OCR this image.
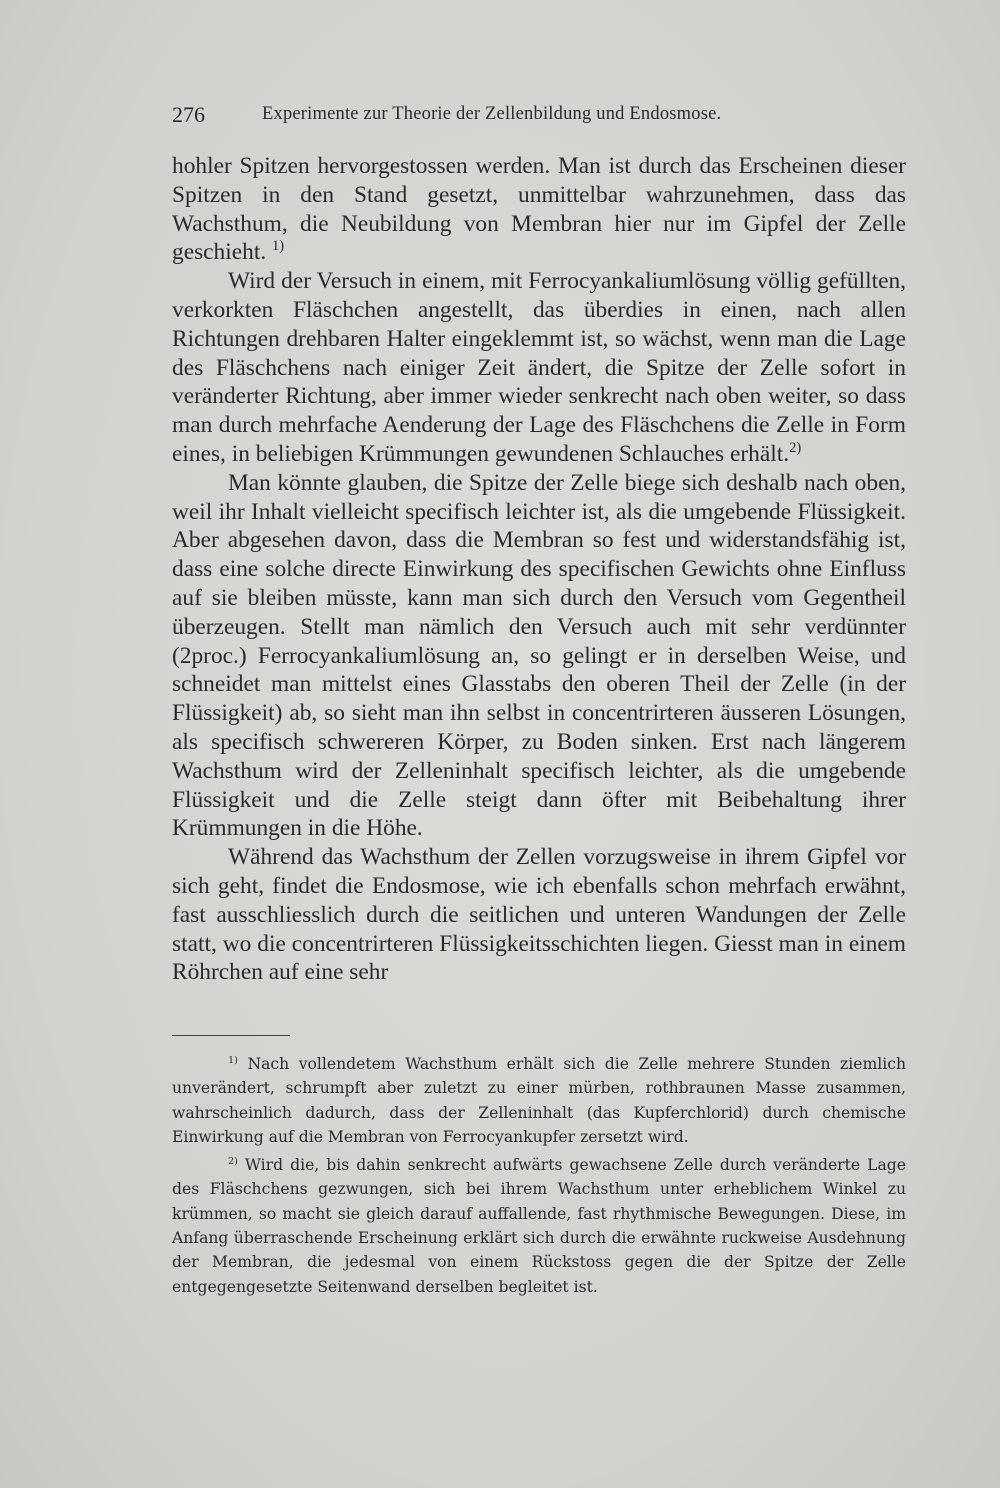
276	Experimente zur Theorie der Zellenbildung und Endosmose.

hohler Spitzen hervorgestossen werden. Man ist durch das Erscheinen dieser Spitzen in den Stand gesetzt, unmittelbar wahrzunehmen, dass das Wachsthum, die Neubildung von Membran hier nur im Gipfel der Zelle geschieht. $^{1)}$

Wird der Versuch in einem, mit Ferrocyankaliumlösung völlig gefüllten, verkorkten Fläschchen angestellt, das überdies in einen, nach allen Richtungen drehbaren Halter eingeklemmt ist, so wächst, wenn man die Lage des Fläschchens nach einiger Zeit ändert, die Spitze der Zelle sofort in veränderter Richtung, aber immer wieder senkrecht nach oben weiter, so dass man durch mehrfache Aenderung der Lage des Fläschchens die Zelle in Form eines, in beliebigen Krümmungen gewundenen Schlauches erhält.$^{2)}$

Man könnte glauben, die Spitze der Zelle biege sich deshalb nach oben, weil ihr Inhalt vielleicht specifisch leichter ist, als die umgebende Flüssigkeit. Aber abgesehen davon, dass die Membran so fest und widerstandsfähig ist, dass eine solche directe Einwirkung des specifischen Gewichts ohne Einfluss auf sie bleiben müsste, kann man sich durch den Versuch vom Gegentheil überzeugen. Stellt man nämlich den Versuch auch mit sehr verdünnter (2proc.) Ferrocyankaliumlösung an, so gelingt er in derselben Weise, und schneidet man mittelst eines Glasstabs den oberen Theil der Zelle (in der Flüssigkeit) ab, so sieht man ihn selbst in concentrirteren äusseren Lösungen, als specifisch schwereren Körper, zu Boden sinken. Erst nach längerem Wachsthum wird der Zelleninhalt specifisch leichter, als die umgebende Flüssigkeit und die Zelle steigt dann öfter mit Beibehaltung ihrer Krümmungen in die Höhe.

Während das Wachsthum der Zellen vorzugsweise in ihrem Gipfel vor sich geht, findet die Endosmose, wie ich ebenfalls schon mehrfach erwähnt, fast ausschliesslich durch die seitlichen und unteren Wandungen der Zelle statt, wo die concentrirteren Flüssigkeitsschichten liegen. Giesst man in einem Röhrchen auf eine sehr

$^{1)}$ Nach vollendetem Wachsthum erhält sich die Zelle mehrere Stunden ziemlich unverändert, schrumpft aber zuletzt zu einer mürben, rothbraunen Masse zusammen, wahrscheinlich dadurch, dass der Zelleninhalt (das Kupferchlorid) durch chemische Einwirkung auf die Membran von Ferrocyankupfer zersetzt wird.

$^{2)}$ Wird die, bis dahin senkrecht aufwärts gewachsene Zelle durch veränderte Lage des Fläschchens gezwungen, sich bei ihrem Wachsthum unter erheblichem Winkel zu krümmen, so macht sie gleich darauf auffallende, fast rhythmische Bewegungen. Diese, im Anfang überraschende Erscheinung erklärt sich durch die erwähnte ruckweise Ausdehnung der Membran, die jedesmal von einem Rückstoss gegen die der Spitze der Zelle entgegengesetzte Seitenwand derselben begleitet ist.
